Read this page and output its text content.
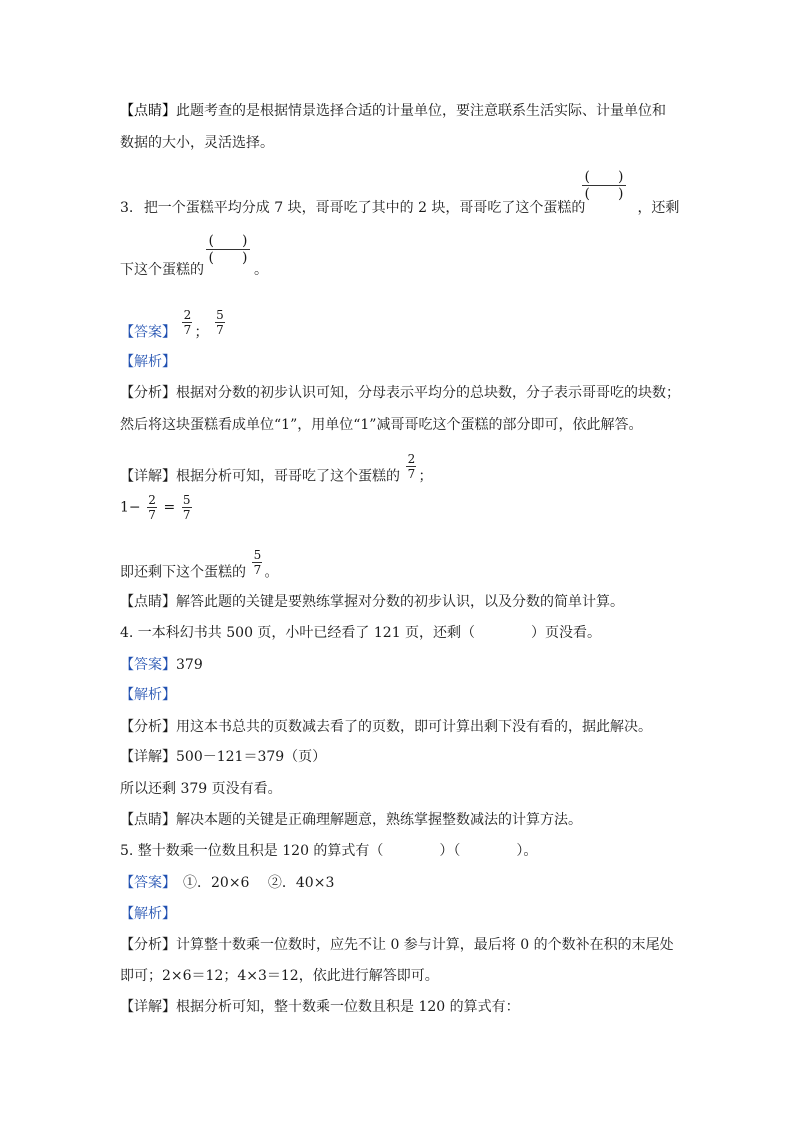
【点睛】此题考查的是根据情景选择合适的计量单位，要注意联系生活实际、计量单位和
数据的大小，灵活选择。
(　　)
(　　)
3. 把一个蛋糕平均分成 7 块，哥哥吃了其中的 2 块，哥哥吃了这个蛋糕的	，还剩
(　　)
(　　)
下这个蛋糕的	。
【答案】 $\frac{2}{7}$ ； $\frac{5}{7}$
【解析】
【分析】根据对分数的初步认识可知，分母表示平均分的总块数，分子表示哥哥吃的块数；
然后将这块蛋糕看成单位“1”，用单位“1”减哥哥吃这个蛋糕的部分即可，依此解答。
【详解】根据分析可知，哥哥吃了这个蛋糕的 $\frac{2}{7}$ ；
$1- \frac{2}{7} = \frac{5}{7}$
即还剩下这个蛋糕的 $\frac{5}{7}$ 。
【点睛】解答此题的关键是要熟练掌握对分数的初步认识，以及分数的简单计算。
4. 一本科幻书共 500 页，小叶已经看了 121 页，还剩（　　　　）页没看。
【答案】379
【解析】
【分析】用这本书总共的页数减去看了的页数，即可计算出剩下没有看的，据此解决。
【详解】500－121＝379（页）
所以还剩 379 页没有看。
【点睛】解决本题的关键是正确理解题意，熟练掌握整数减法的计算方法。
5. 整十数乘一位数且积是 120 的算式有（　　　　）（　　　　）。
【答案】　①．20×6　 ②．40×3
【解析】
【分析】计算整十数乘一位数时，应先不让 0 参与计算，最后将 0 的个数补在积的末尾处
即可；2×6＝12；4×3＝12，依此进行解答即可。
【详解】根据分析可知，整十数乘一位数且积是 120 的算式有：
